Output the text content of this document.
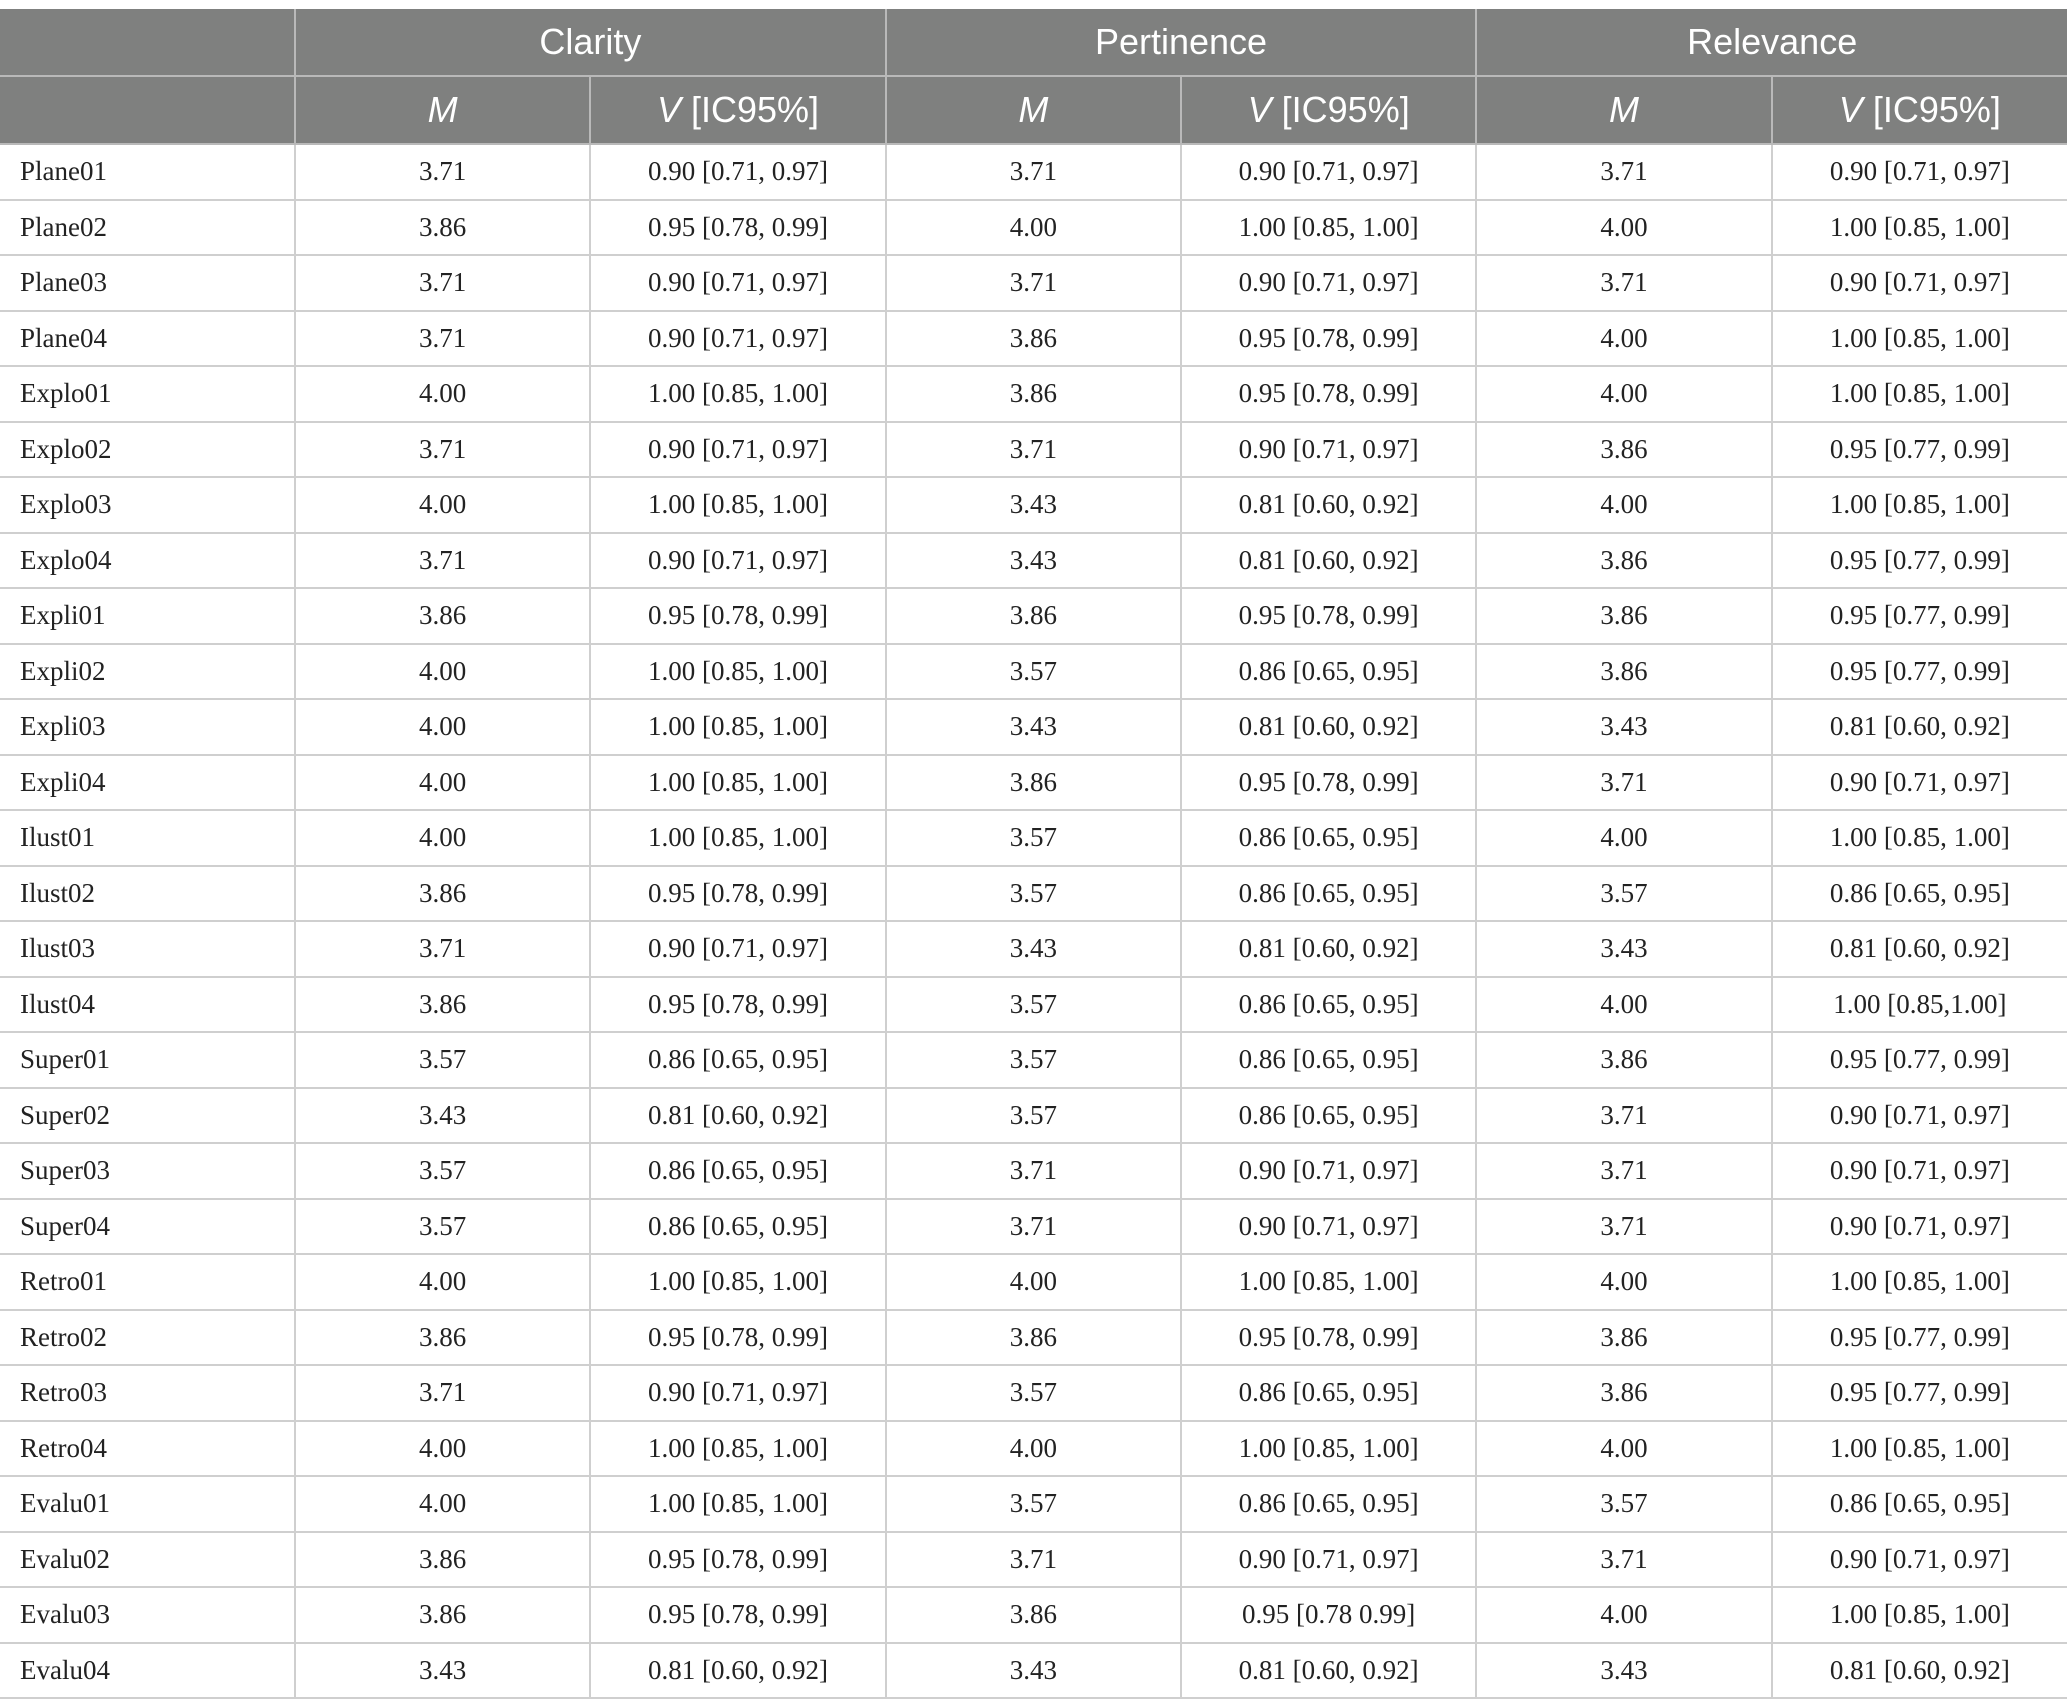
	Clarity		Pertinence		Relevance	
	M	V [IC95%]	M	V [IC95%]	M	V [IC95%]
Plane01	3.71	0.90 [0.71, 0.97]	3.71	0.90 [0.71, 0.97]	3.71	0.90 [0.71, 0.97]
Plane02	3.86	0.95 [0.78, 0.99]	4.00	1.00 [0.85, 1.00]	4.00	1.00 [0.85, 1.00]
Plane03	3.71	0.90 [0.71, 0.97]	3.71	0.90 [0.71, 0.97]	3.71	0.90 [0.71, 0.97]
Plane04	3.71	0.90 [0.71, 0.97]	3.86	0.95 [0.78, 0.99]	4.00	1.00 [0.85, 1.00]
Explo01	4.00	1.00 [0.85, 1.00]	3.86	0.95 [0.78, 0.99]	4.00	1.00 [0.85, 1.00]
Explo02	3.71	0.90 [0.71, 0.97]	3.71	0.90 [0.71, 0.97]	3.86	0.95 [0.77, 0.99]
Explo03	4.00	1.00 [0.85, 1.00]	3.43	0.81 [0.60, 0.92]	4.00	1.00 [0.85, 1.00]
Explo04	3.71	0.90 [0.71, 0.97]	3.43	0.81 [0.60, 0.92]	3.86	0.95 [0.77, 0.99]
Expli01	3.86	0.95 [0.78, 0.99]	3.86	0.95 [0.78, 0.99]	3.86	0.95 [0.77, 0.99]
Expli02	4.00	1.00 [0.85, 1.00]	3.57	0.86 [0.65, 0.95]	3.86	0.95 [0.77, 0.99]
Expli03	4.00	1.00 [0.85, 1.00]	3.43	0.81 [0.60, 0.92]	3.43	0.81 [0.60, 0.92]
Expli04	4.00	1.00 [0.85, 1.00]	3.86	0.95 [0.78, 0.99]	3.71	0.90 [0.71, 0.97]
Ilust01	4.00	1.00 [0.85, 1.00]	3.57	0.86 [0.65, 0.95]	4.00	1.00 [0.85, 1.00]
Ilust02	3.86	0.95 [0.78, 0.99]	3.57	0.86 [0.65, 0.95]	3.57	0.86 [0.65, 0.95]
Ilust03	3.71	0.90 [0.71, 0.97]	3.43	0.81 [0.60, 0.92]	3.43	0.81 [0.60, 0.92]
Ilust04	3.86	0.95 [0.78, 0.99]	3.57	0.86 [0.65, 0.95]	4.00	1.00 [0.85,1.00]
Super01	3.57	0.86 [0.65, 0.95]	3.57	0.86 [0.65, 0.95]	3.86	0.95 [0.77, 0.99]
Super02	3.43	0.81 [0.60, 0.92]	3.57	0.86 [0.65, 0.95]	3.71	0.90 [0.71, 0.97]
Super03	3.57	0.86 [0.65, 0.95]	3.71	0.90 [0.71, 0.97]	3.71	0.90 [0.71, 0.97]
Super04	3.57	0.86 [0.65, 0.95]	3.71	0.90 [0.71, 0.97]	3.71	0.90 [0.71, 0.97]
Retro01	4.00	1.00 [0.85, 1.00]	4.00	1.00 [0.85, 1.00]	4.00	1.00 [0.85, 1.00]
Retro02	3.86	0.95 [0.78, 0.99]	3.86	0.95 [0.78, 0.99]	3.86	0.95 [0.77, 0.99]
Retro03	3.71	0.90 [0.71, 0.97]	3.57	0.86 [0.65, 0.95]	3.86	0.95 [0.77, 0.99]
Retro04	4.00	1.00 [0.85, 1.00]	4.00	1.00 [0.85, 1.00]	4.00	1.00 [0.85, 1.00]
Evalu01	4.00	1.00 [0.85, 1.00]	3.57	0.86 [0.65, 0.95]	3.57	0.86 [0.65, 0.95]
Evalu02	3.86	0.95 [0.78, 0.99]	3.71	0.90 [0.71, 0.97]	3.71	0.90 [0.71, 0.97]
Evalu03	3.86	0.95 [0.78, 0.99]	3.86	0.95 [0.78 0.99]	4.00	1.00 [0.85, 1.00]
Evalu04	3.43	0.81 [0.60, 0.92]	3.43	0.81 [0.60, 0.92]	3.43	0.81 [0.60, 0.92]
